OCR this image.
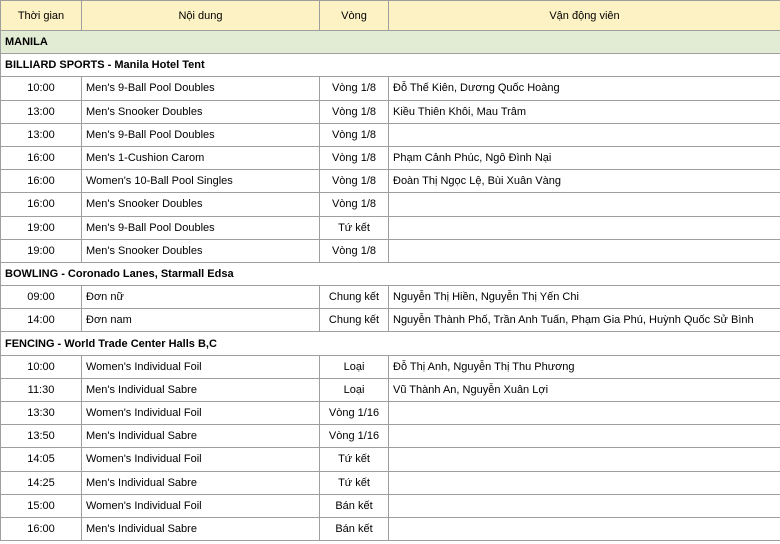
Thời gian	Nội dung	Vòng	Vận động viên
MANILA			
BILLIARD SPORTS - Manila Hotel Tent			
10:00	Men's 9-Ball Pool Doubles	Vòng 1/8	Đỗ Thế Kiên, Dương Quốc Hoàng
13:00	Men's Snooker Doubles	Vòng 1/8	Kiều Thiên Khôi, Mau Trâm
13:00	Men's 9-Ball Pool Doubles	Vòng 1/8	
16:00	Men's 1-Cushion Carom	Vòng 1/8	Phạm Cảnh Phúc, Ngô Đình Nại
16:00	Women's 10-Ball Pool Singles	Vòng 1/8	Đoàn Thị Ngọc Lệ, Bùi Xuân Vàng
16:00	Men's Snooker Doubles	Vòng 1/8	
19:00	Men's 9-Ball Pool Doubles	Tứ kết	
19:00	Men's Snooker Doubles	Vòng 1/8	
BOWLING - Coronado Lanes, Starmall Edsa			
09:00	Đơn nữ	Chung kết	Nguyễn Thị Hiền, Nguyễn Thị Yến Chi
14:00	Đơn nam	Chung kết	Nguyễn Thành Phố, Trần Anh Tuấn, Phạm Gia Phú, Huỳnh Quốc Sử Bình
FENCING - World Trade Center Halls B,C			
10:00	Women's Individual Foil	Loại	Đỗ Thị Anh, Nguyễn Thị Thu Phương
11:30	Men's Individual Sabre	Loại	Vũ Thành An, Nguyễn Xuân Lợi
13:30	Women's Individual Foil	Vòng 1/16	
13:50	Men's Individual Sabre	Vòng 1/16	
14:05	Women's Individual Foil	Tứ kết	
14:25	Men's Individual Sabre	Tứ kết	
15:00	Women's Individual Foil	Bán kết	
16:00	Men's Individual Sabre	Bán kết	
